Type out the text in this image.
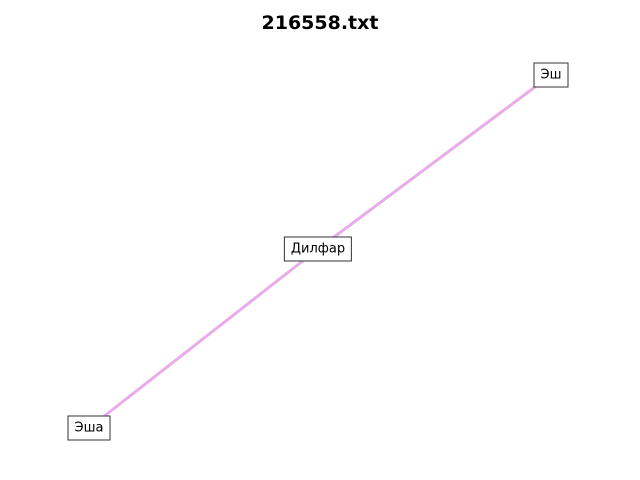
216558.txt
Эш
Дилфар
Эша
